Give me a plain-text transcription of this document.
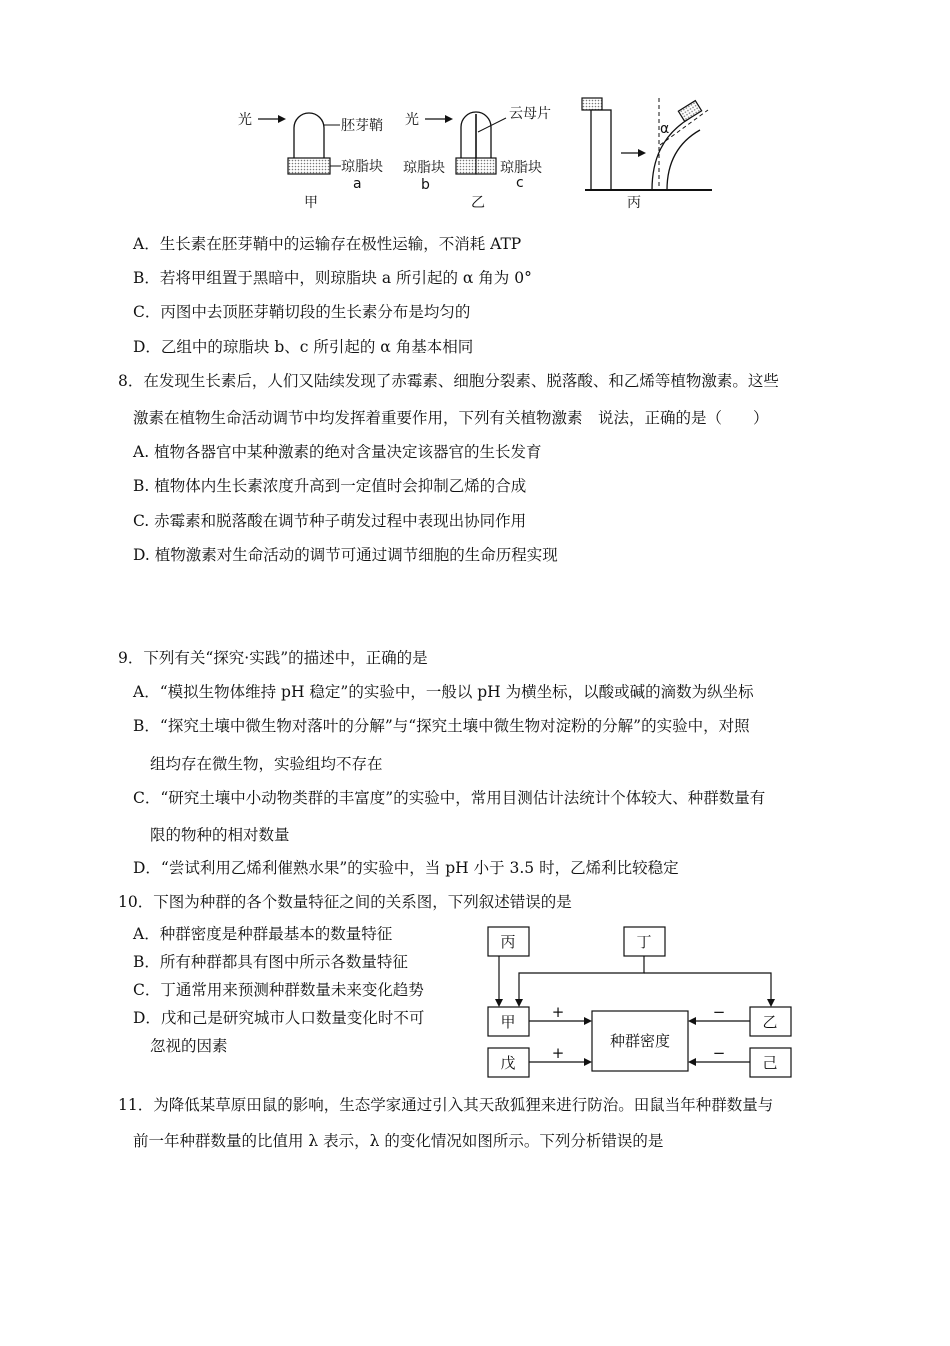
光	胚芽鞘
琼脂块
a
甲
光	云母片
琼脂块	琼脂块
b	c
乙
α
丙
A．生长素在胚芽鞘中的运输存在极性运输，不消耗 ATP
B．若将甲组置于黑暗中，则琼脂块 a 所引起的 α 角为 0°
C．丙图中去顶胚芽鞘切段的生长素分布是均匀的
D．乙组中的琼脂块 b、c 所引起的 α 角基本相同
8．在发现生长素后，人们又陆续发现了赤霉素、细胞分裂素、脱落酸、和乙烯等植物激素。这些
激素在植物生命活动调节中均发挥着重要作用，下列有关植物激素　说法，正确的是（　　）
A. 植物各器官中某种激素的绝对含量决定该器官的生长发育
B. 植物体内生长素浓度升高到一定值时会抑制乙烯的合成
C. 赤霉素和脱落酸在调节种子萌发过程中表现出协同作用
D. 植物激素对生命活动的调节可通过调节细胞的生命历程实现
9．下列有关“探究·实践”的描述中，正确的是
A．“模拟生物体维持 pH 稳定”的实验中，一般以 pH 为横坐标，以酸或碱的滴数为纵坐标
B．“探究土壤中微生物对落叶的分解”与“探究土壤中微生物对淀粉的分解”的实验中，对照
组均存在微生物，实验组均不存在
C．“研究土壤中小动物类群的丰富度”的实验中，常用目测估计法统计个体较大、种群数量有
限的物种的相对数量
D．“尝试利用乙烯利催熟水果”的实验中，当 pH 小于 3.5 时，乙烯利比较稳定
10．下图为种群的各个数量特征之间的关系图，下列叙述错误的是
A．种群密度是种群最基本的数量特征
B．所有种群都具有图中所示各数量特征
C．丁通常用来预测种群数量未来变化趋势
D．戊和己是研究城市人口数量变化时不可
忽视的因素
丙	丁
甲	乙
戊	己
种群密度
+	−
+	−
11．为降低某草原田鼠的影响，生态学家通过引入其天敌狐狸来进行防治。田鼠当年种群数量与
前一年种群数量的比值用 λ 表示，λ 的变化情况如图所示。下列分析错误的是
